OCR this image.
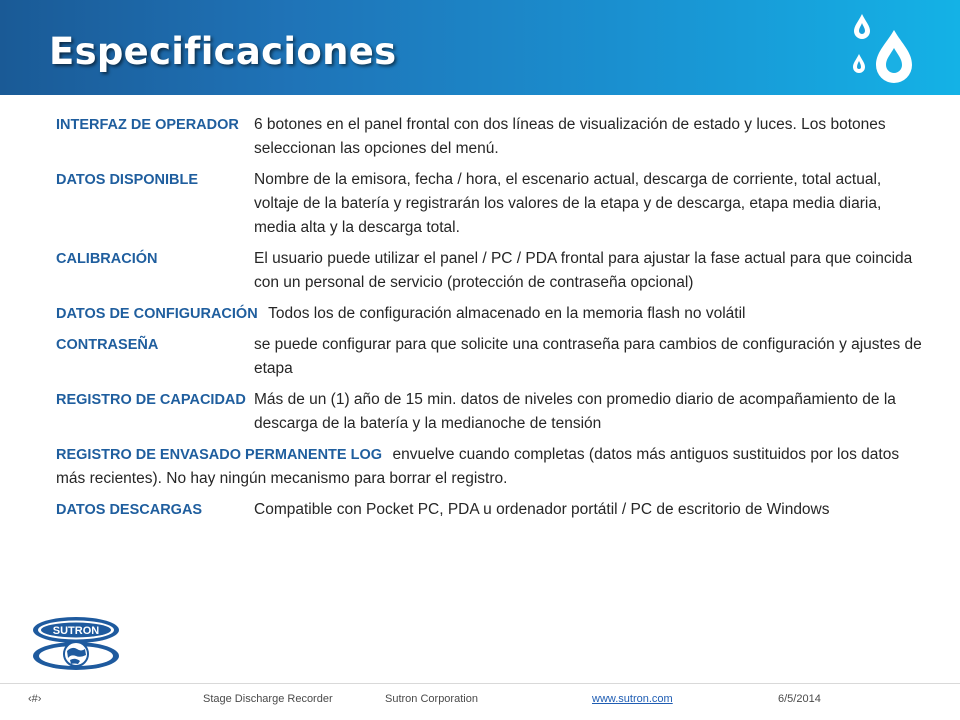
Especificaciones
INTERFAZ DE OPERADOR 6 botones en el panel frontal con dos líneas de visualización de estado y luces. Los botones seleccionan las opciones del menú.
DATOS DISPONIBLE	Nombre de la emisora, fecha / hora, el escenario actual, descarga de corriente, total actual, voltaje de la batería y registrarán los valores de la etapa y de descarga, etapa media diaria, media alta y la descarga total.
CALIBRACIÓN	El usuario puede utilizar el panel / PC / PDA frontal para ajustar la fase actual para que coincida con un personal de servicio (protección de contraseña opcional)
DATOS DE CONFIGURACIÓN Todos los de configuración almacenado en la memoria flash no volátil
CONTRASEÑA	se puede configurar para que solicite una contraseña para cambios de configuración y ajustes de etapa
REGISTRO DE CAPACIDAD Más de un (1) año de 15 min. datos de niveles con promedio diario de acompañamiento de la descarga de la batería y la medianoche de tensión
REGISTRO DE ENVASADO PERMANENTE LOG envuelve cuando completas (datos más antiguos sustituidos por los datos más recientes). No hay ningún mecanismo para borrar el registro.
DATOS DESCARGAS	Compatible con Pocket PC, PDA u ordenador portátil / PC de escritorio de Windows
SUTRON
‹#›	Stage Discharge Recorder	Sutron Corporation	www.sutron.com	6/5/2014
